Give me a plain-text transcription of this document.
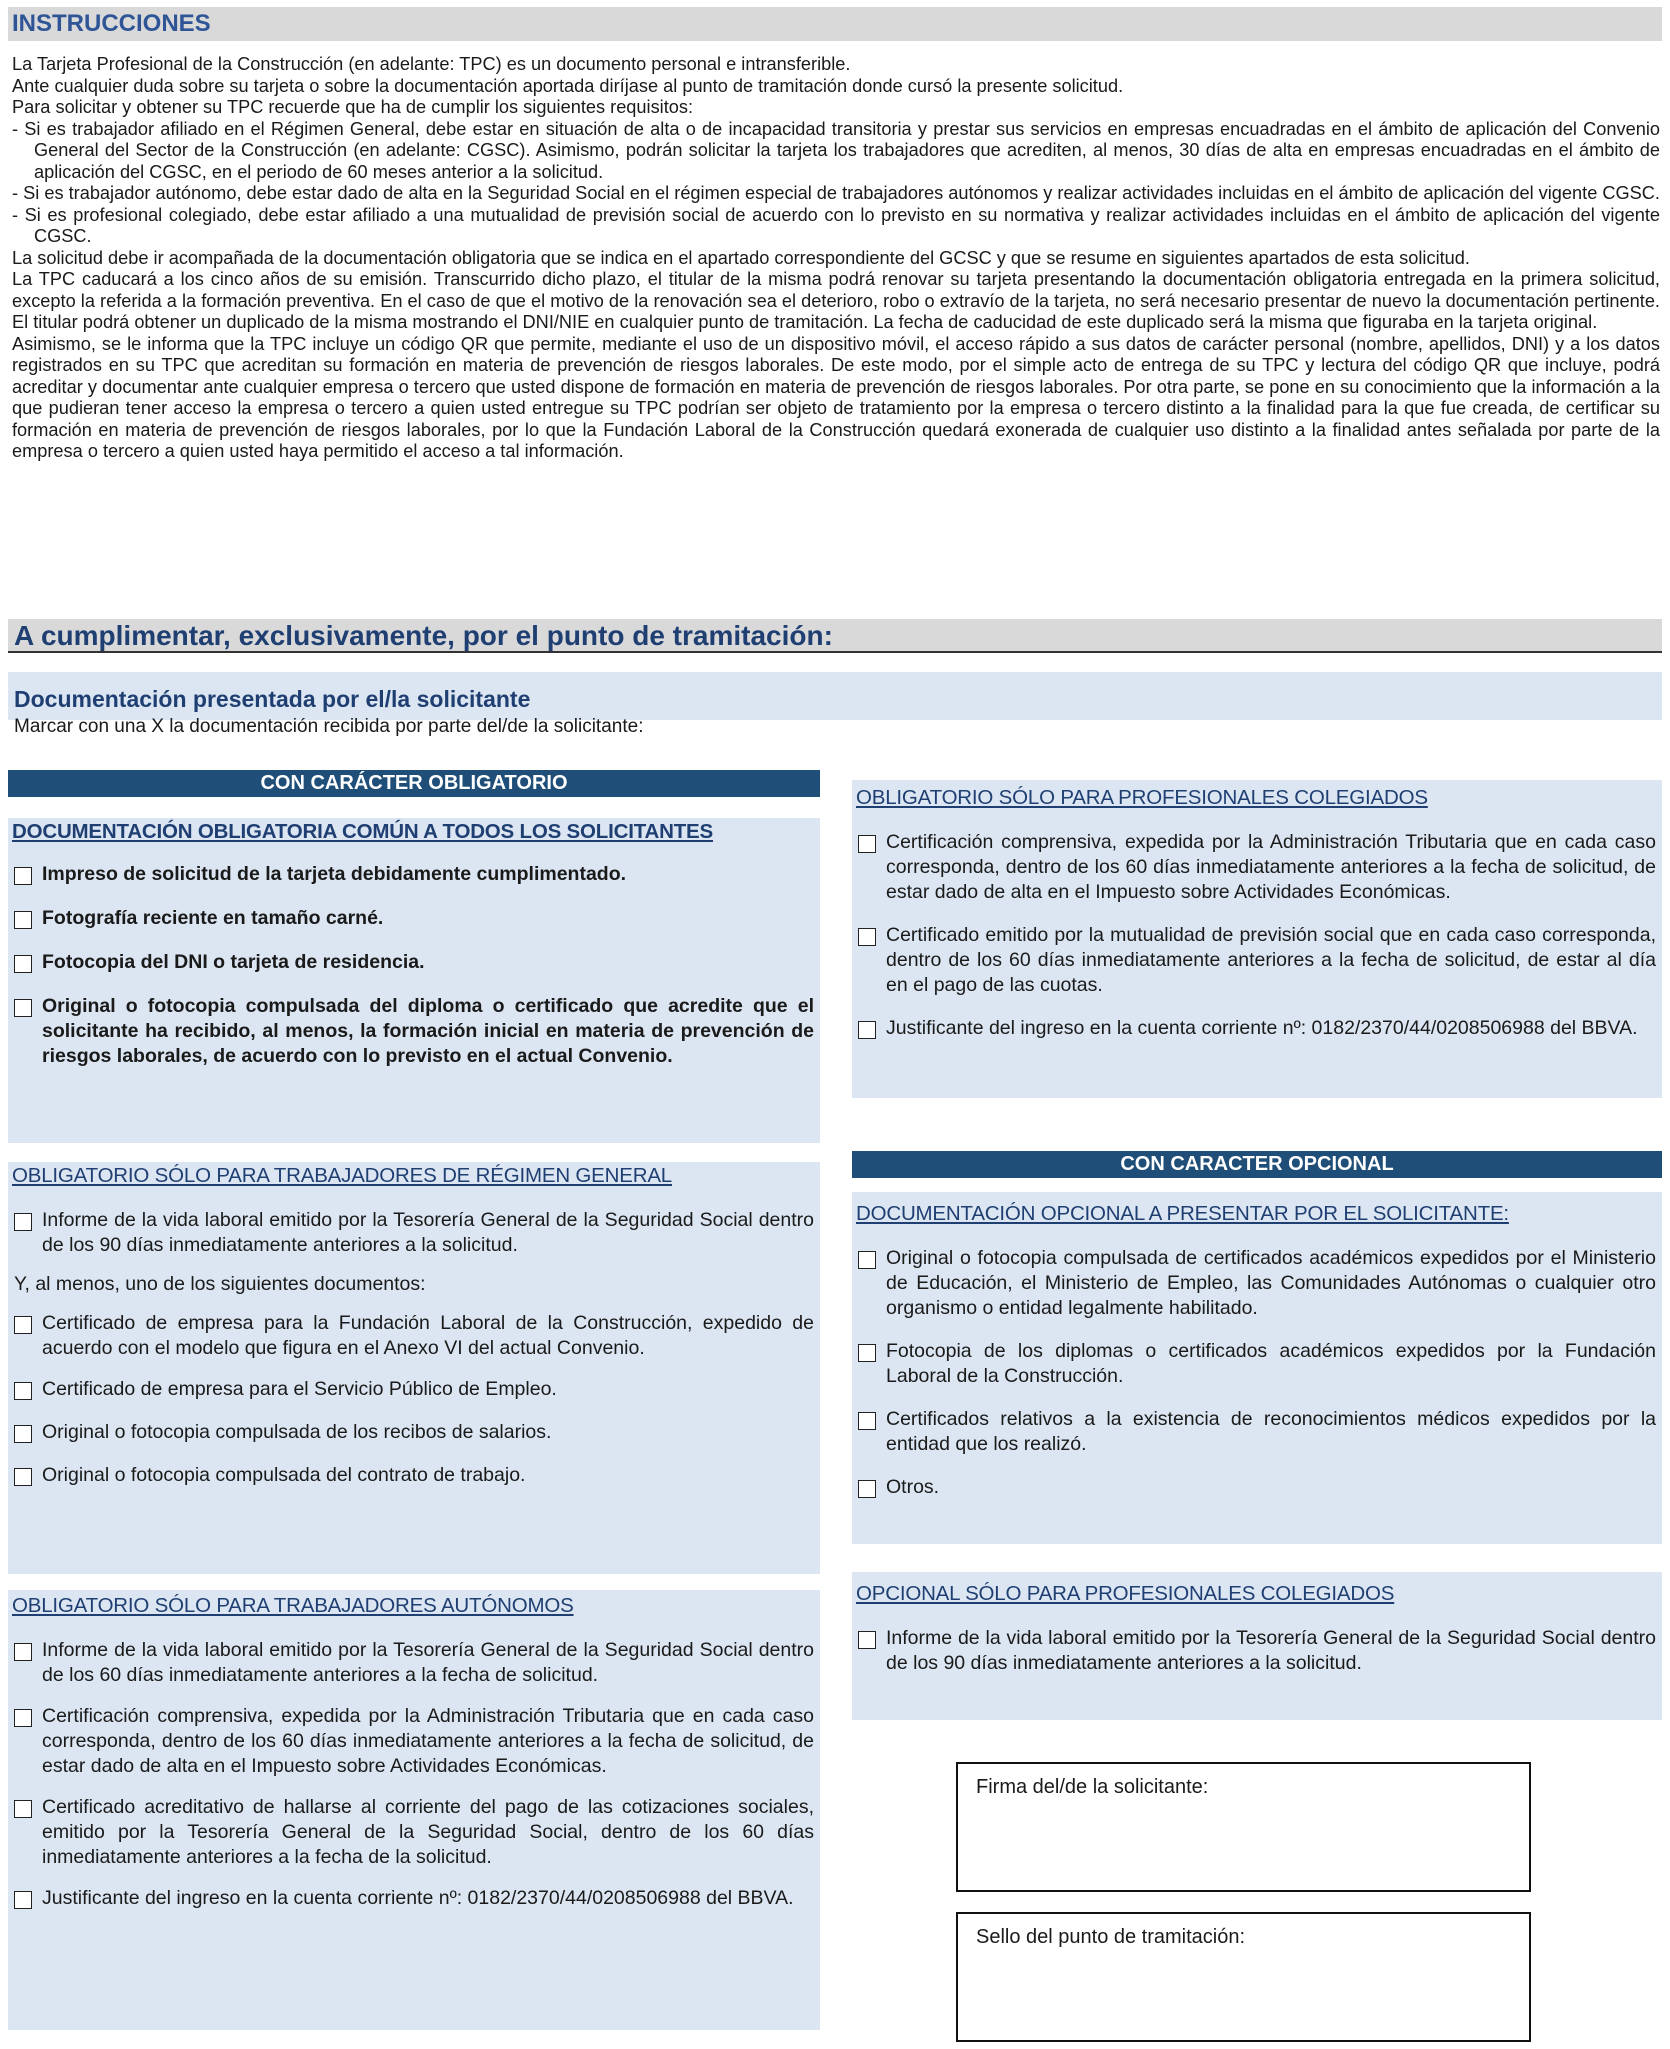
INSTRUCCIONES

La Tarjeta Profesional de la Construcción (en adelante: TPC) es un documento personal e intransferible.

Ante cualquier duda sobre su tarjeta o sobre la documentación aportada diríjase al punto de tramitación donde cursó la presente solicitud.

Para solicitar y obtener su TPC recuerde que ha de cumplir los siguientes requisitos:

- Si es trabajador afiliado en el Régimen General, debe estar en situación de alta o de incapacidad transitoria y prestar sus servicios en empresas encuadradas en el ámbito de aplicación del Convenio General del Sector de la Construcción (en adelante: CGSC). Asimismo, podrán solicitar la tarjeta los trabajadores que acrediten, al menos, 30 días de alta en empresas encuadradas en el ámbito de aplicación del CGSC, en el periodo de 60 meses anterior a la solicitud.

- Si es trabajador autónomo, debe estar dado de alta en la Seguridad Social en el régimen especial de trabajadores autónomos y realizar actividades incluidas en el ámbito de aplicación del vigente CGSC.

- Si es profesional colegiado, debe estar afiliado a una mutualidad de previsión social de acuerdo con lo previsto en su normativa y realizar actividades incluidas en el ámbito de aplicación del vigente CGSC.

La solicitud debe ir acompañada de la documentación obligatoria que se indica en el apartado correspondiente del GCSC y que se resume en siguientes apartados de esta solicitud.

La TPC caducará a los cinco años de su emisión. Transcurrido dicho plazo, el titular de la misma podrá renovar su tarjeta presentando la documentación obligatoria entregada en la primera solicitud, excepto la referida a la formación preventiva. En el caso de que el motivo de la renovación sea el deterioro, robo o extravío de la tarjeta, no será necesario presentar de nuevo la documentación pertinente. El titular podrá obtener un duplicado de la misma mostrando el DNI/NIE en cualquier punto de tramitación. La fecha de caducidad de este duplicado será la misma que figuraba en la tarjeta original.

Asimismo, se le informa que la TPC incluye un código QR que permite, mediante el uso de un dispositivo móvil, el acceso rápido a sus datos de carácter personal (nombre, apellidos, DNI) y a los datos registrados en su TPC que acreditan su formación en materia de prevención de riesgos laborales. De este modo, por el simple acto de entrega de su TPC y lectura del código QR que incluye, podrá acreditar y documentar ante cualquier empresa o tercero que usted dispone de formación en materia de prevención de riesgos laborales. Por otra parte, se pone en su conocimiento que la información a la que pudieran tener acceso la empresa o tercero a quien usted entregue su TPC podrían ser objeto de tratamiento por la empresa o tercero distinto a la finalidad para la que fue creada, de certificar su formación en materia de prevención de riesgos laborales, por lo que la Fundación Laboral de la Construcción quedará exonerada de cualquier uso distinto a la finalidad antes señalada por parte de la empresa o tercero a quien usted haya permitido el acceso a tal información.

A cumplimentar, exclusivamente, por el punto de tramitación:
Documentación presentada por el/la solicitante
Marcar con una X la documentación recibida por parte del/de la solicitante:
CON CARÁCTER OBLIGATORIO
DOCUMENTACIÓN OBLIGATORIA COMÚN A TODOS LOS SOLICITANTES
Impreso de solicitud de la tarjeta debidamente cumplimentado.
Fotografía reciente en tamaño carné.
Fotocopia del DNI o tarjeta de residencia.
Original o fotocopia compulsada del diploma o certificado que acredite que el solicitante ha recibido, al menos, la formación inicial en materia de prevención de riesgos laborales, de acuerdo con lo previsto en el actual Convenio.
OBLIGATORIO SÓLO PARA TRABAJADORES DE RÉGIMEN GENERAL
Informe de la vida laboral emitido por la Tesorería General de la Seguridad Social dentro de los 90 días inmediatamente anteriores a la solicitud.
Y, al menos, uno de los siguientes documentos:
Certificado de empresa para la Fundación Laboral de la Construcción, expedido de acuerdo con el modelo que figura en el Anexo VI del actual Convenio.
Certificado de empresa para el Servicio Público de Empleo.
Original o fotocopia compulsada de los recibos de salarios.
Original o fotocopia compulsada del contrato de trabajo.
OBLIGATORIO SÓLO PARA TRABAJADORES AUTÓNOMOS
Informe de la vida laboral emitido por la Tesorería General de la Seguridad Social dentro de los 60 días inmediatamente anteriores a la fecha de solicitud.
Certificación comprensiva, expedida por la Administración Tributaria que en cada caso corresponda, dentro de los 60 días inmediatamente anteriores a la fecha de solicitud, de estar dado de alta en el Impuesto sobre Actividades Económicas.
Certificado acreditativo de hallarse al corriente del pago de las cotizaciones sociales, emitido por la Tesorería General de la Seguridad Social, dentro de los 60 días inmediatamente anteriores a la fecha de la solicitud.
Justificante del ingreso en la cuenta corriente nº: 0182/2370/44/0208506988 del BBVA.
OBLIGATORIO SÓLO PARA PROFESIONALES COLEGIADOS
Certificación comprensiva, expedida por la Administración Tributaria que en cada caso corresponda, dentro de los 60 días inmediatamente anteriores a la fecha de solicitud, de estar dado de alta en el Impuesto sobre Actividades Económicas.
Certificado emitido por la mutualidad de previsión social que en cada caso corresponda, dentro de los 60 días inmediatamente anteriores a la fecha de solicitud, de estar al día en el pago de las cuotas.
Justificante del ingreso en la cuenta corriente nº: 0182/2370/44/0208506988 del BBVA.
CON CARACTER OPCIONAL
DOCUMENTACIÓN OPCIONAL A PRESENTAR POR EL SOLICITANTE:
Original o fotocopia compulsada de certificados académicos expedidos por el Ministerio de Educación, el Ministerio de Empleo, las Comunidades Autónomas o cualquier otro organismo o entidad legalmente habilitado.
Fotocopia de los diplomas o certificados académicos expedidos por la Fundación Laboral de la Construcción.
Certificados relativos a la existencia de reconocimientos médicos expedidos por la entidad que los realizó.
Otros.
OPCIONAL SÓLO PARA PROFESIONALES COLEGIADOS
Informe de la vida laboral emitido por la Tesorería General de la Seguridad Social dentro de los 90 días inmediatamente anteriores a la solicitud.
Firma del/de la solicitante:
Sello del punto de tramitación:
